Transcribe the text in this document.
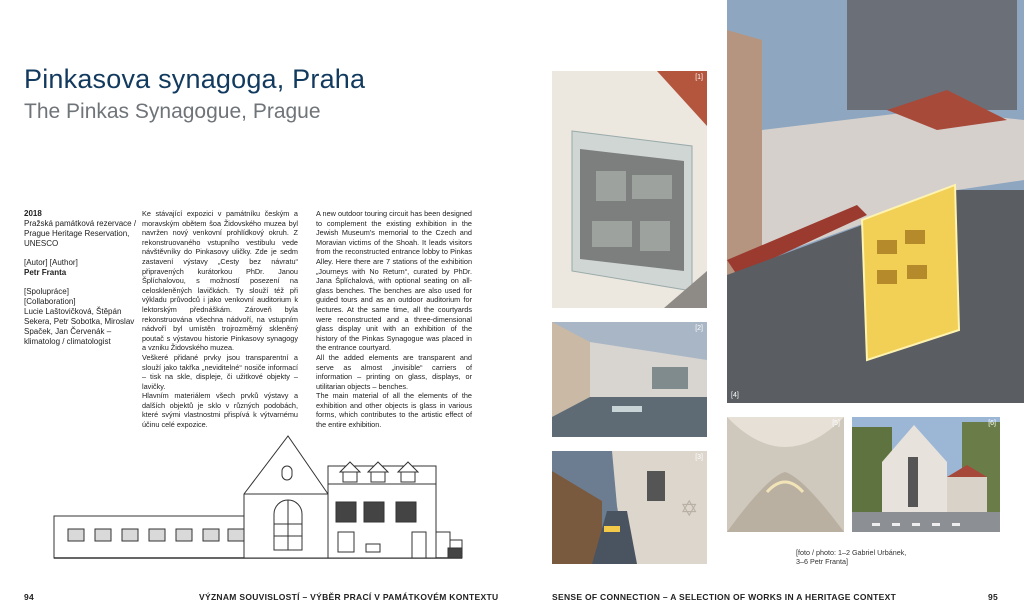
Pinkasova synagoga, Praha
The Pinkas Synagogue, Prague

2018

Pražská památková rezervace / Prague Heritage Reservation, UNESCO

[Autor] [Author]

Petr Franta

[Spolupráce]

[Collaboration]

Lucie Laštovičková, Štěpán Sekera, Petr Sobotka, Miroslav Spaček, Jan Červenák – klimatolog / climatologist

Ke stávající expozici v památníku českým a moravským obětem šoa Židovského muzea byl navržen nový venkovní prohlídkový okruh. Z rekonstruovaného vstupního vestibulu vede návštěvníky do Pinkasovy uličky. Zde je sedm zastavení výstavy „Cesty bez návratu“ připravených kurátorkou PhDr. Janou Šplíchalovou, s možností posezení na celoskleněných lavičkách. Ty slouží též při výkladu průvodců i jako venkovní auditorium k lektorským přednáškám. Zároveň byla rekonstruována všechna nádvoří, na vstupním nádvoří byl umístěn trojrozměrný skleněný poutač s výstavou historie Pinkasovy synagogy a vzniku Židovského muzea.

Veškeré přidané prvky jsou transparentní a slouží jako takřka „neviditelné“ nosiče informací – tisk na skle, displeje, či užitkové objekty – lavičky.

Hlavním materiálem všech prvků výstavy a dalších objektů je sklo v různých podobách, které svými vlastnostmi přispívá k výtvarnému účinu celé expozice.

A new outdoor touring circuit has been designed to complement the existing exhibition in the Jewish Museum's memorial to the Czech and Moravian victims of the Shoah. It leads visitors from the reconstructed entrance lobby to Pinkas Alley. Here there are 7 stations of the exhibition „Journeys with No Return“, curated by PhDr. Jana Šplíchalová, with optional seating on all-glass benches. The benches are also used for guided tours and as an outdoor auditorium for lectures. At the same time, all the courtyards were reconstructed and a three-dimensional glass display unit with an exhibition of the history of the Pinkas Synagogue was placed in the entrance courtyard.

All the added elements are transparent and serve as almost „invisible“ carriers of information – printing on glass, displays, or utilitarian objects – benches.

The main material of all the elements of the exhibition and other objects is glass in various forms, which contributes to the artistic effect of the entire exhibition.

[1]
[2]
✡
[3]
[4]
[5]	[6]
[foto / photo: 1–2 Gabriel Urbánek, 3–6 Petr Franta]
94	VÝZNAM SOUVISLOSTÍ – VÝBĚR PRACÍ V PAMÁTKOVÉM KONTEXTU	SENSE OF CONNECTION – A SELECTION OF WORKS IN A HERITAGE CONTEXT	95
